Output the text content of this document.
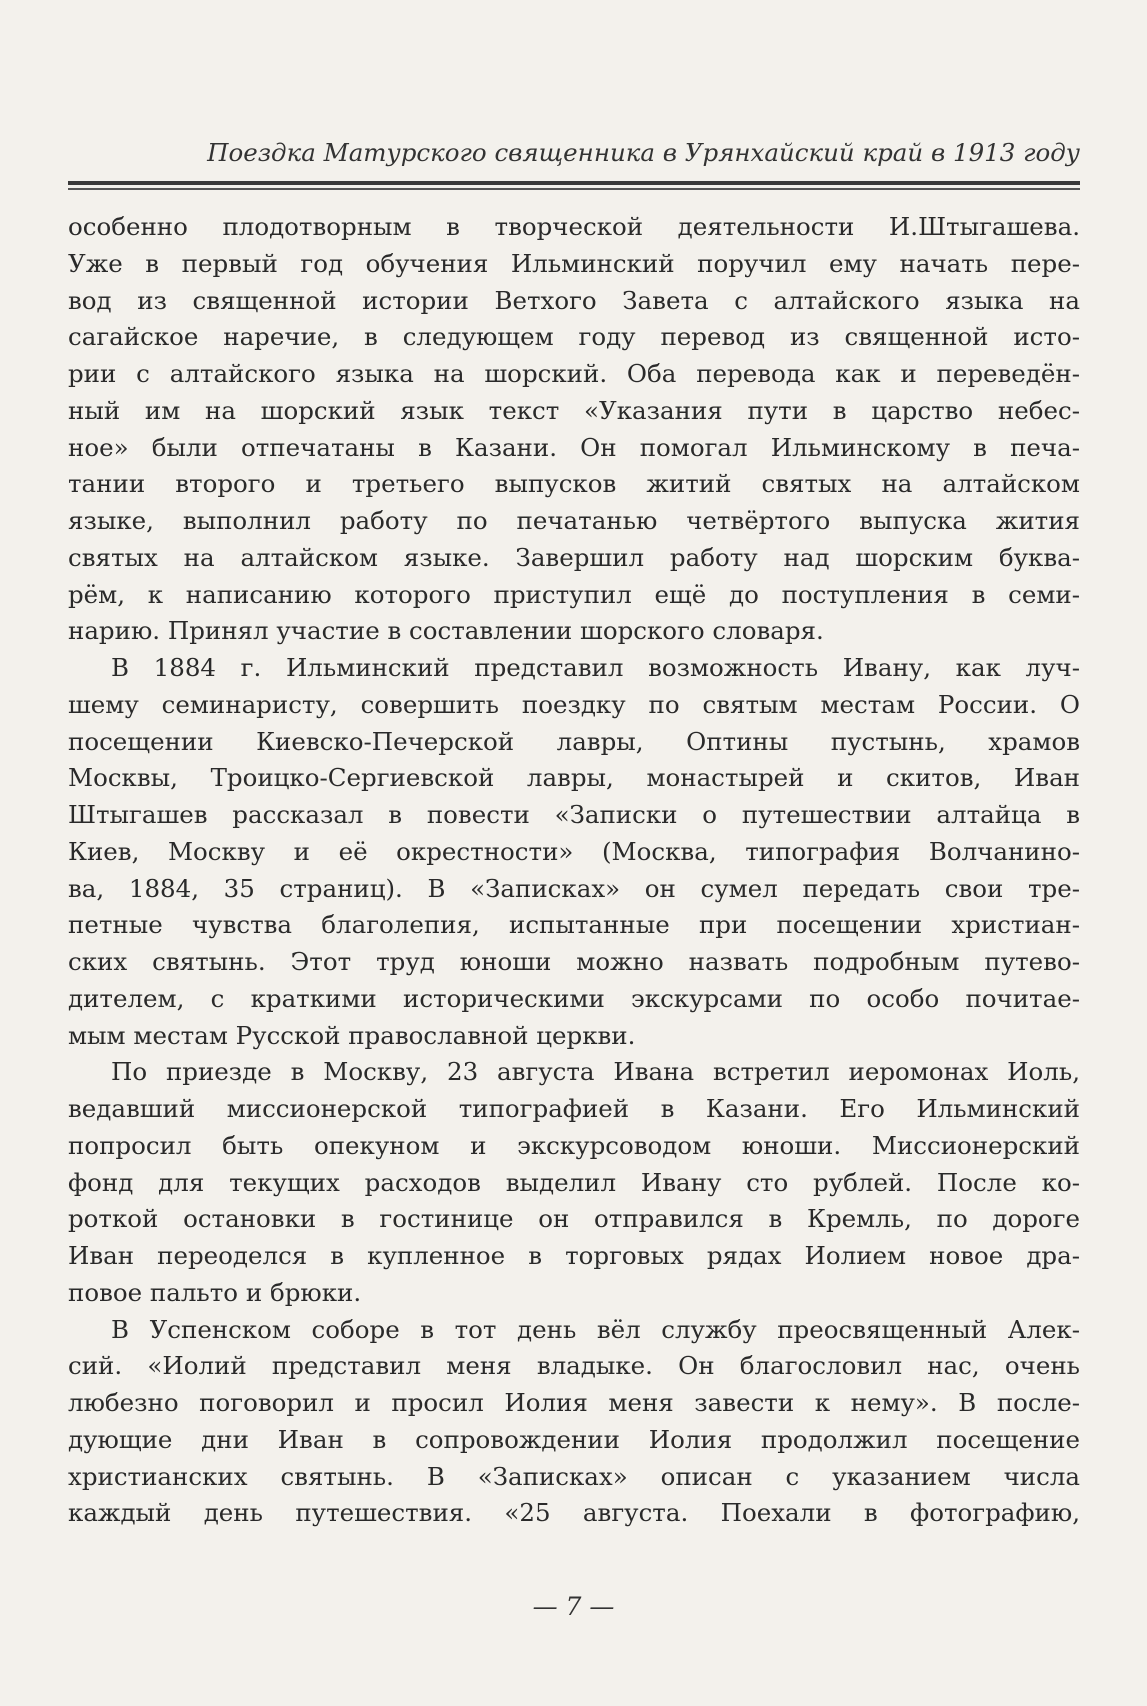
Поездка Матурского священника в Урянхайский край в 1913 году
особенно плодотворным в творческой деятельности И.Штыгашева.
Уже в первый год обучения Ильминский поручил ему начать пере-
вод из священной истории Ветхого Завета с алтайского языка на
сагайское наречие, в следующем году перевод из священной исто-
рии с алтайского языка на шорский. Оба перевода как и переведён-
ный им на шорский язык текст «Указания пути в царство небес-
ное» были отпечатаны в Казани. Он помогал Ильминскому в печа-
тании второго и третьего выпусков житий святых на алтайском
языке, выполнил работу по печатанью четвёртого выпуска жития
святых на алтайском языке. Завершил работу над шорским буква-
рём, к написанию которого приступил ещё до поступления в семи-
нарию. Принял участие в составлении шорского словаря.
В 1884 г. Ильминский представил возможность Ивану, как луч-
шему семинаристу, совершить поездку по святым местам России. О
посещении Киевско-Печерской лавры, Оптины пустынь, храмов
Москвы, Троицко-Сергиевской лавры, монастырей и скитов, Иван
Штыгашев рассказал в повести «Записки о путешествии алтайца в
Киев, Москву и её окрестности» (Москва, типография Волчанино-
ва, 1884, 35 страниц). В «Записках» он сумел передать свои тре-
петные чувства благолепия, испытанные при посещении христиан-
ских святынь. Этот труд юноши можно назвать подробным путево-
дителем, с краткими историческими экскурсами по особо почитае-
мым местам Русской православной церкви.
По приезде в Москву, 23 августа Ивана встретил иеромонах Иоль,
ведавший миссионерской типографией в Казани. Его Ильминский
попросил быть опекуном и экскурсоводом юноши. Миссионерский
фонд для текущих расходов выделил Ивану сто рублей. После ко-
роткой остановки в гостинице он отправился в Кремль, по дороге
Иван переоделся в купленное в торговых рядах Иолием новое дра-
повое пальто и брюки.
В Успенском соборе в тот день вёл службу преосвященный Алек-
сий. «Иолий представил меня владыке. Он благословил нас, очень
любезно поговорил и просил Иолия меня завести к нему». В после-
дующие дни Иван в сопровождении Иолия продолжил посещение
христианских святынь. В «Записках» описан с указанием числа
каждый день путешествия. «25 августа. Поехали в фотографию,
— 7 —
